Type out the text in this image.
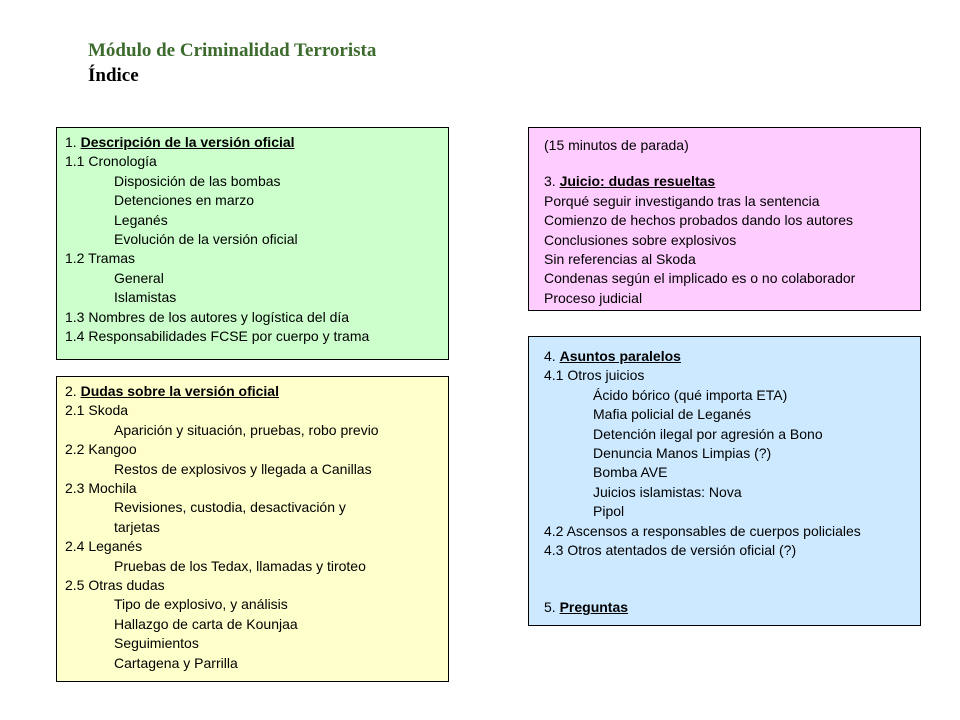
Módulo de Criminalidad Terrorista
Índice
1. Descripción de la versión oficial
1.1 Cronología
Disposición de las bombas
Detenciones en marzo
Leganés
Evolución de la versión oficial
1.2 Tramas
General
Islamistas
1.3 Nombres de los autores y logística del día
1.4 Responsabilidades FCSE por cuerpo y trama
2. Dudas sobre la versión oficial
2.1 Skoda
Aparición y situación, pruebas, robo previo
2.2 Kangoo
Restos de explosivos y llegada a Canillas
2.3 Mochila
Revisiones, custodia, desactivación y
tarjetas
2.4 Leganés
Pruebas de los Tedax, llamadas y tiroteo
2.5 Otras dudas
Tipo de explosivo, y análisis
Hallazgo de carta de Kounjaa
Seguimientos
Cartagena y Parrilla
(15 minutos de parada)
3. Juicio: dudas resueltas
Porqué seguir investigando tras la sentencia
Comienzo de hechos probados dando los autores
Conclusiones sobre explosivos
Sin referencias al Skoda
Condenas según el implicado es o no colaborador
Proceso judicial
4. Asuntos paralelos
4.1 Otros juicios
Ácido bórico (qué importa ETA)
Mafia policial de Leganés
Detención ilegal por agresión a Bono
Denuncia Manos Limpias (?)
Bomba AVE
Juicios islamistas: Nova
Pipol
4.2 Ascensos a responsables de cuerpos policiales
4.3 Otros atentados de versión oficial (?)
5. Preguntas
